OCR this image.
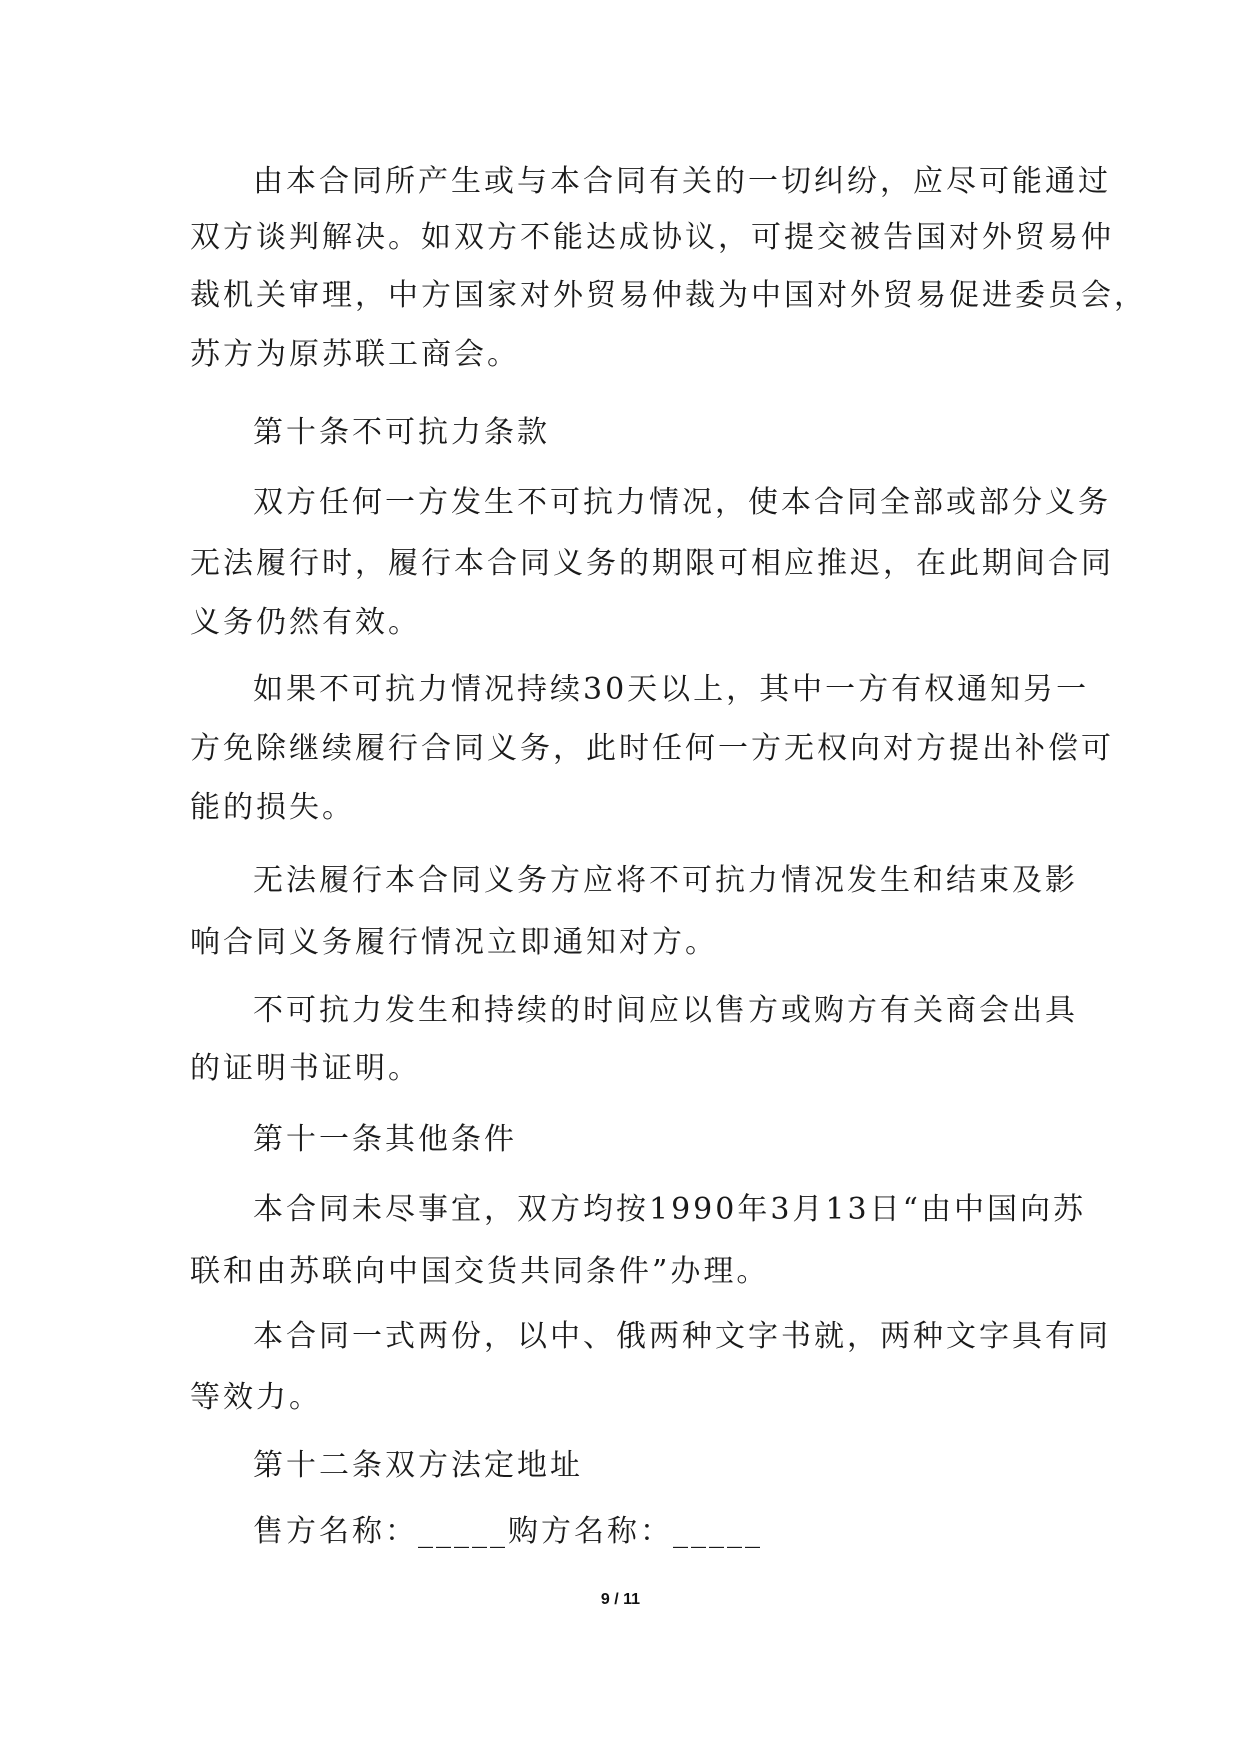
由本合同所产生或与本合同有关的一切纠纷，应尽可能通过
双方谈判解决。如双方不能达成协议，可提交被告国对外贸易仲
裁机关审理，中方国家对外贸易仲裁为中国对外贸易促进委员会，
苏方为原苏联工商会。
第十条不可抗力条款
双方任何一方发生不可抗力情况，使本合同全部或部分义务
无法履行时，履行本合同义务的期限可相应推迟，在此期间合同
义务仍然有效。
如果不可抗力情况持续30天以上，其中一方有权通知另一
方免除继续履行合同义务，此时任何一方无权向对方提出补偿可
能的损失。
无法履行本合同义务方应将不可抗力情况发生和结束及影
响合同义务履行情况立即通知对方。
不可抗力发生和持续的时间应以售方或购方有关商会出具
的证明书证明。
第十一条其他条件
本合同未尽事宜，双方均按1990年3月13日“由中国向苏
联和由苏联向中国交货共同条件”办理。
本合同一式两份，以中、俄两种文字书就，两种文字具有同
等效力。
第十二条双方法定地址
售方名称：_____购方名称：_____
9 / 11
